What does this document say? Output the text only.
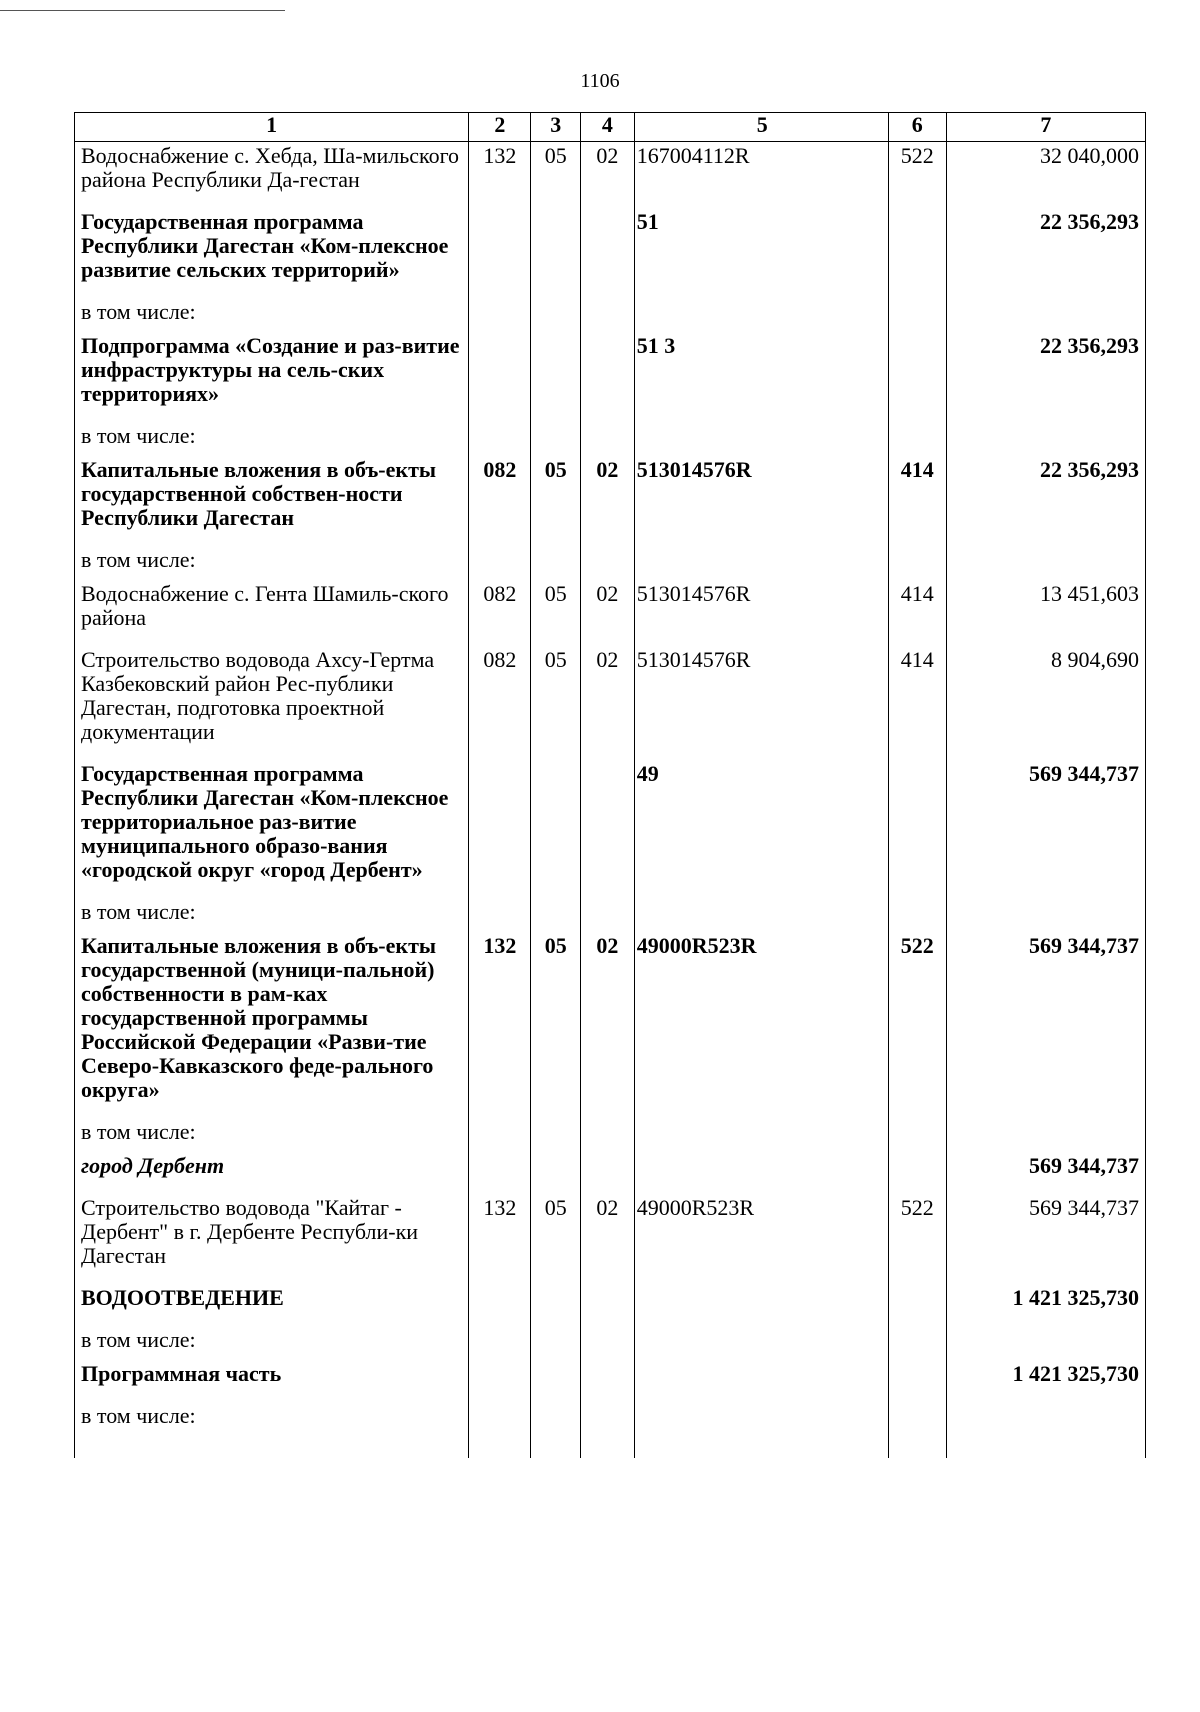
1106
1	2	3	4	5	6	7
Водоснабжение с. Хебда, Ша-мильского района Республики Да-гестан	132	05	02	167004112R	522	32 040,000
Государственная программа Республики Дагестан «Ком-плексное развитие сельских территорий»				51		22 356,293
в том числе:						
Подпрограмма «Создание и раз-витие инфраструктуры на сель-ских территориях»				51 3		22 356,293
в том числе:						
Капитальные вложения в объ-екты государственной собствен-ности Республики Дагестан	082	05	02	513014576R	414	22 356,293
в том числе:						
Водоснабжение с. Гента Шамиль-ского района	082	05	02	513014576R	414	13 451,603
Строительство водовода Ахсу-Гертма Казбековский район Рес-публики Дагестан, подготовка проектной документации	082	05	02	513014576R	414	8 904,690
Государственная программа Республики Дагестан «Ком-плексное территориальное раз-витие муниципального образо-вания «городской округ «город Дербент»				49		569 344,737
в том числе:						
Капитальные вложения в объ-екты государственной (муници-пальной) собственности в рам-ках государственной программы Российской Федерации «Разви-тие Северо-Кавказского феде-рального округа»	132	05	02	49000R523R	522	569 344,737
в том числе:						
город Дербент						569 344,737
Строительство водовода "Кайтаг - Дербент" в г. Дербенте Республи-ки Дагестан	132	05	02	49000R523R	522	569 344,737
ВОДООТВЕДЕНИЕ						1 421 325,730
в том числе:						
Программная часть						1 421 325,730
в том числе:						
